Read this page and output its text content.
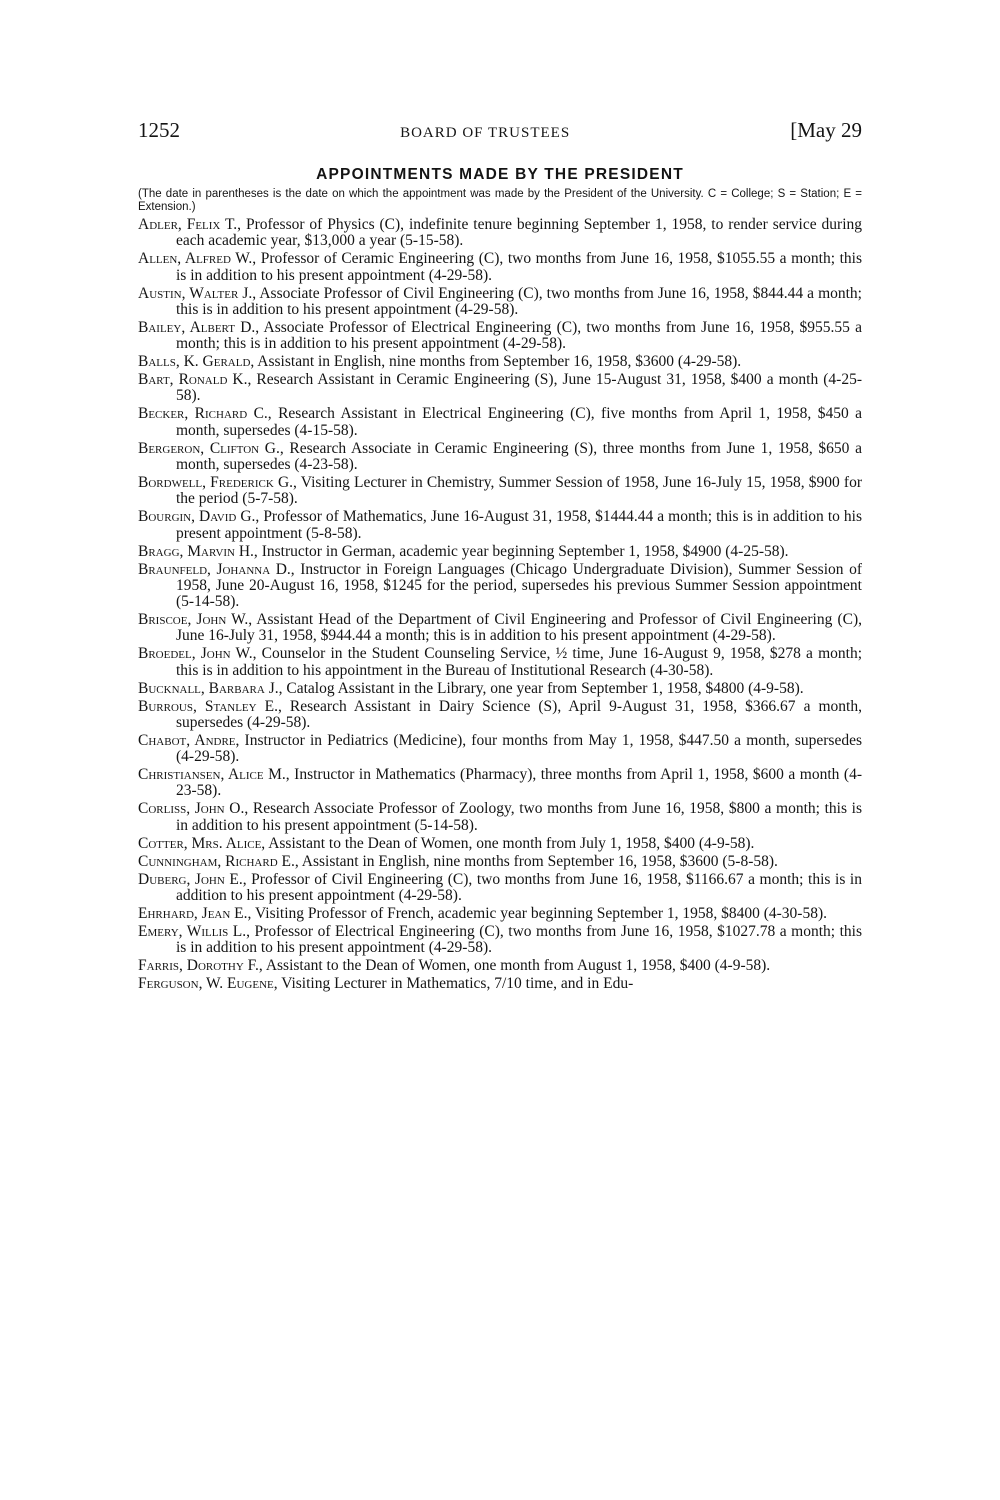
1252	BOARD OF TRUSTEES	[May 29
APPOINTMENTS MADE BY THE PRESIDENT
(The date in parentheses is the date on which the appointment was made by the President of the University. C = College; S = Station; E = Extension.)

Adler, Felix T., Professor of Physics (C), indefinite tenure beginning September 1, 1958, to render service during each academic year, $13,000 a year (5-15-58).

Allen, Alfred W., Professor of Ceramic Engineering (C), two months from June 16, 1958, $1055.55 a month; this is in addition to his present appointment (4-29-58).

Austin, Walter J., Associate Professor of Civil Engineering (C), two months from June 16, 1958, $844.44 a month; this is in addition to his present appointment (4-29-58).

Bailey, Albert D., Associate Professor of Electrical Engineering (C), two months from June 16, 1958, $955.55 a month; this is in addition to his present appointment (4-29-58).

Balls, K. Gerald, Assistant in English, nine months from September 16, 1958, $3600 (4-29-58).

Bart, Ronald K., Research Assistant in Ceramic Engineering (S), June 15-August 31, 1958, $400 a month (4-25-58).

Becker, Richard C., Research Assistant in Electrical Engineering (C), five months from April 1, 1958, $450 a month, supersedes (4-15-58).

Bergeron, Clifton G., Research Associate in Ceramic Engineering (S), three months from June 1, 1958, $650 a month, supersedes (4-23-58).

Bordwell, Frederick G., Visiting Lecturer in Chemistry, Summer Session of 1958, June 16-July 15, 1958, $900 for the period (5-7-58).

Bourgin, David G., Professor of Mathematics, June 16-August 31, 1958, $1444.44 a month; this is in addition to his present appointment (5-8-58).

Bragg, Marvin H., Instructor in German, academic year beginning September 1, 1958, $4900 (4-25-58).

Braunfeld, Johanna D., Instructor in Foreign Languages (Chicago Undergraduate Division), Summer Session of 1958, June 20-August 16, 1958, $1245 for the period, supersedes his previous Summer Session appointment (5-14-58).

Briscoe, John W., Assistant Head of the Department of Civil Engineering and Professor of Civil Engineering (C), June 16-July 31, 1958, $944.44 a month; this is in addition to his present appointment (4-29-58).

Broedel, John W., Counselor in the Student Counseling Service, ½ time, June 16-August 9, 1958, $278 a month; this is in addition to his appointment in the Bureau of Institutional Research (4-30-58).

Bucknall, Barbara J., Catalog Assistant in the Library, one year from September 1, 1958, $4800 (4-9-58).

Burrous, Stanley E., Research Assistant in Dairy Science (S), April 9-August 31, 1958, $366.67 a month, supersedes (4-29-58).

Chabot, Andre, Instructor in Pediatrics (Medicine), four months from May 1, 1958, $447.50 a month, supersedes (4-29-58).

Christiansen, Alice M., Instructor in Mathematics (Pharmacy), three months from April 1, 1958, $600 a month (4-23-58).

Corliss, John O., Research Associate Professor of Zoology, two months from June 16, 1958, $800 a month; this is in addition to his present appointment (5-14-58).

Cotter, Mrs. Alice, Assistant to the Dean of Women, one month from July 1, 1958, $400 (4-9-58).

Cunningham, Richard E., Assistant in English, nine months from September 16, 1958, $3600 (5-8-58).

Duberg, John E., Professor of Civil Engineering (C), two months from June 16, 1958, $1166.67 a month; this is in addition to his present appointment (4-29-58).

Ehrhard, Jean E., Visiting Professor of French, academic year beginning September 1, 1958, $8400 (4-30-58).

Emery, Willis L., Professor of Electrical Engineering (C), two months from June 16, 1958, $1027.78 a month; this is in addition to his present appointment (4-29-58).

Farris, Dorothy F., Assistant to the Dean of Women, one month from August 1, 1958, $400 (4-9-58).

Ferguson, W. Eugene, Visiting Lecturer in Mathematics, 7/10 time, and in Edu-
